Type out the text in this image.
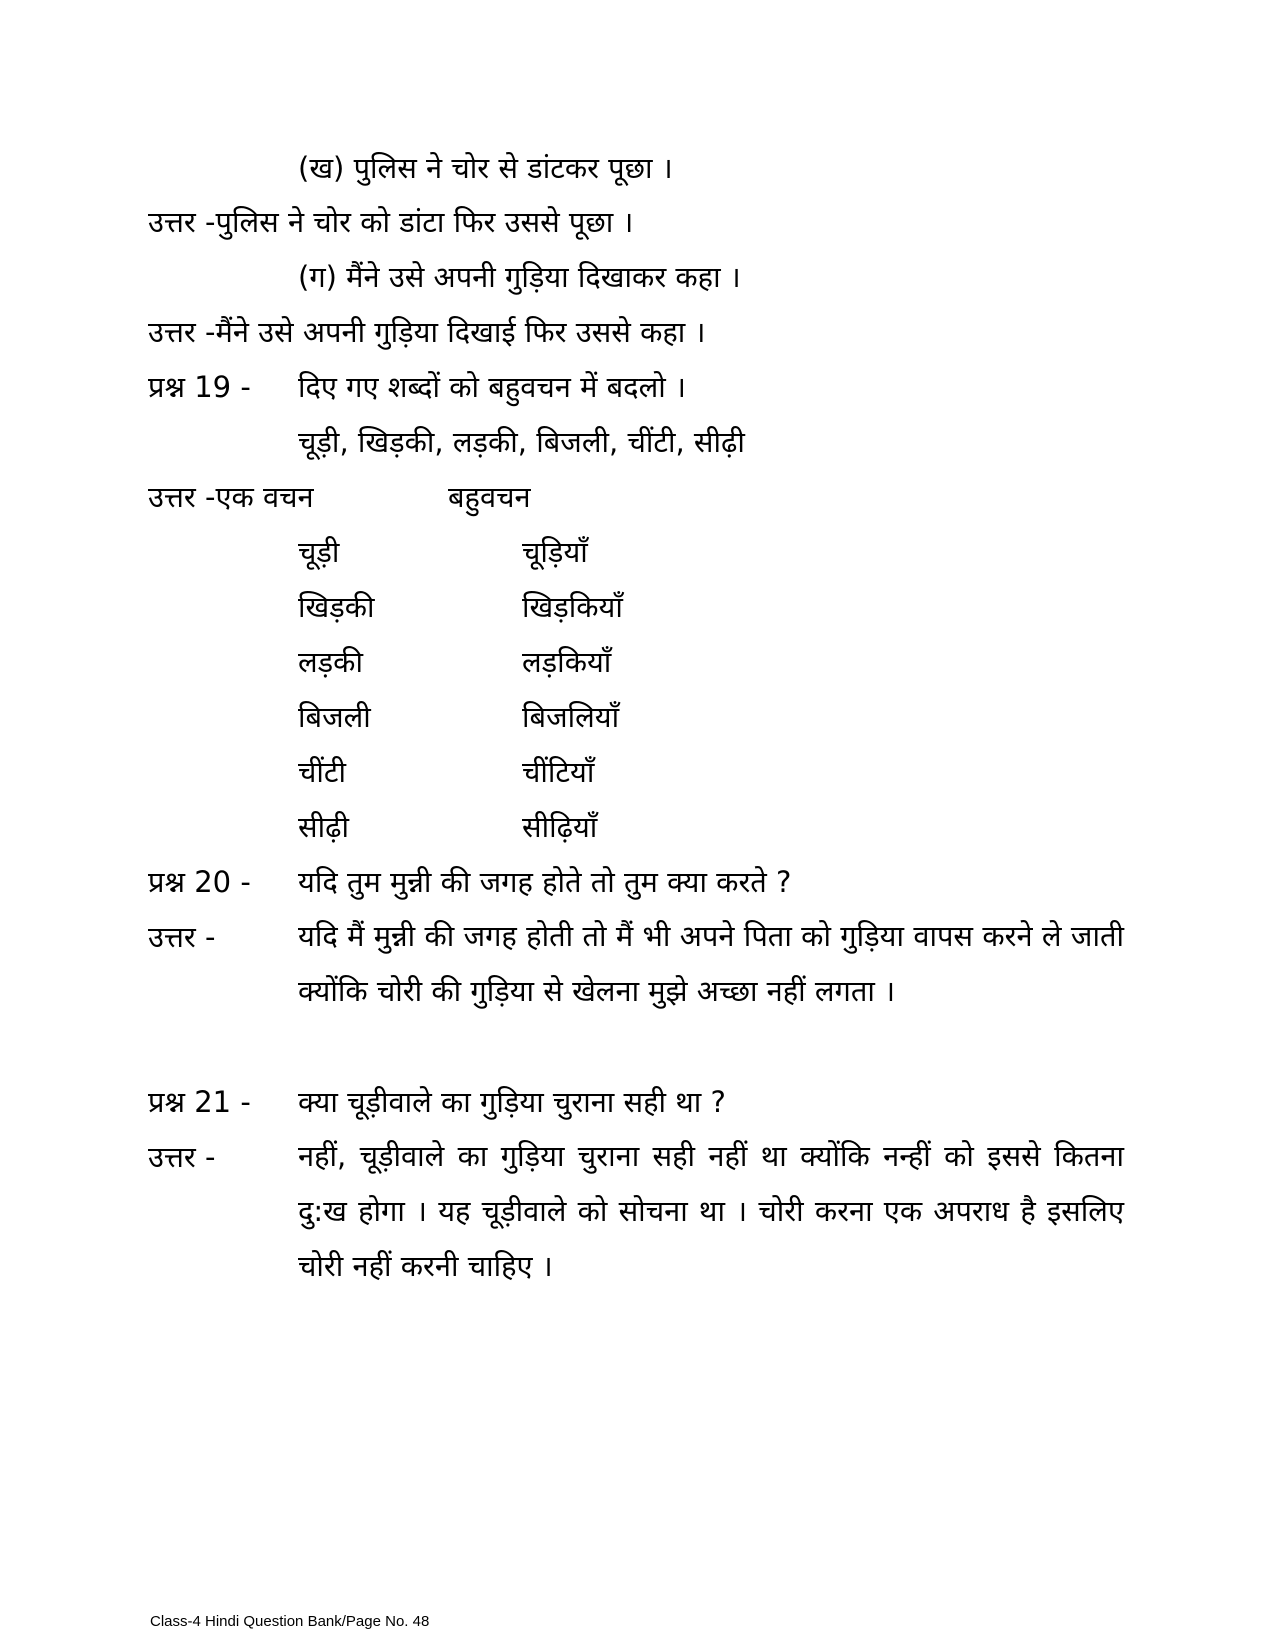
(ख) पुलिस ने चोर से डांटकर पूछा ।
उत्तर -पुलिस ने चोर को डांटा फिर उससे पूछा ।
(ग) मैंने उसे अपनी गुड़िया दिखाकर कहा ।
उत्तर -मैंने उसे अपनी गुड़िया दिखाई फिर उससे कहा ।
प्रश्न 19 - दिए गए शब्दों को बहुवचन में बदलो ।
चूड़ी, खिड़की, लड़की, बिजली, चींटी, सीढ़ी
उत्तर -एक वचन	बहुवचन
चूड़ी	चूड़ियाँ
खिड़की	खिड़कियाँ
लड़की	लड़कियाँ
बिजली	बिजलियाँ
चींटी	चींटियाँ
सीढ़ी	सीढ़ियाँ
प्रश्न 20 - यदि तुम मुन्नी की जगह होते तो तुम क्या करते ?
उत्तर -	यदि मैं मुन्नी की जगह होती तो मैं भी अपने पिता को गुड़िया वापस करने ले जाती क्योंकि चोरी की गुड़िया से खेलना मुझे अच्छा नहीं लगता ।
प्रश्न 21 - क्या चूड़ीवाले का गुड़िया चुराना सही था ?
उत्तर -	नहीं, चूड़ीवाले का गुड़िया चुराना सही नहीं था क्योंकि नन्हीं को इससे कितना दु:ख होगा । यह चूड़ीवाले को सोचना था । चोरी करना एक अपराध है इसलिए चोरी नहीं करनी चाहिए ।
Class-4 Hindi Question Bank/Page No. 48
